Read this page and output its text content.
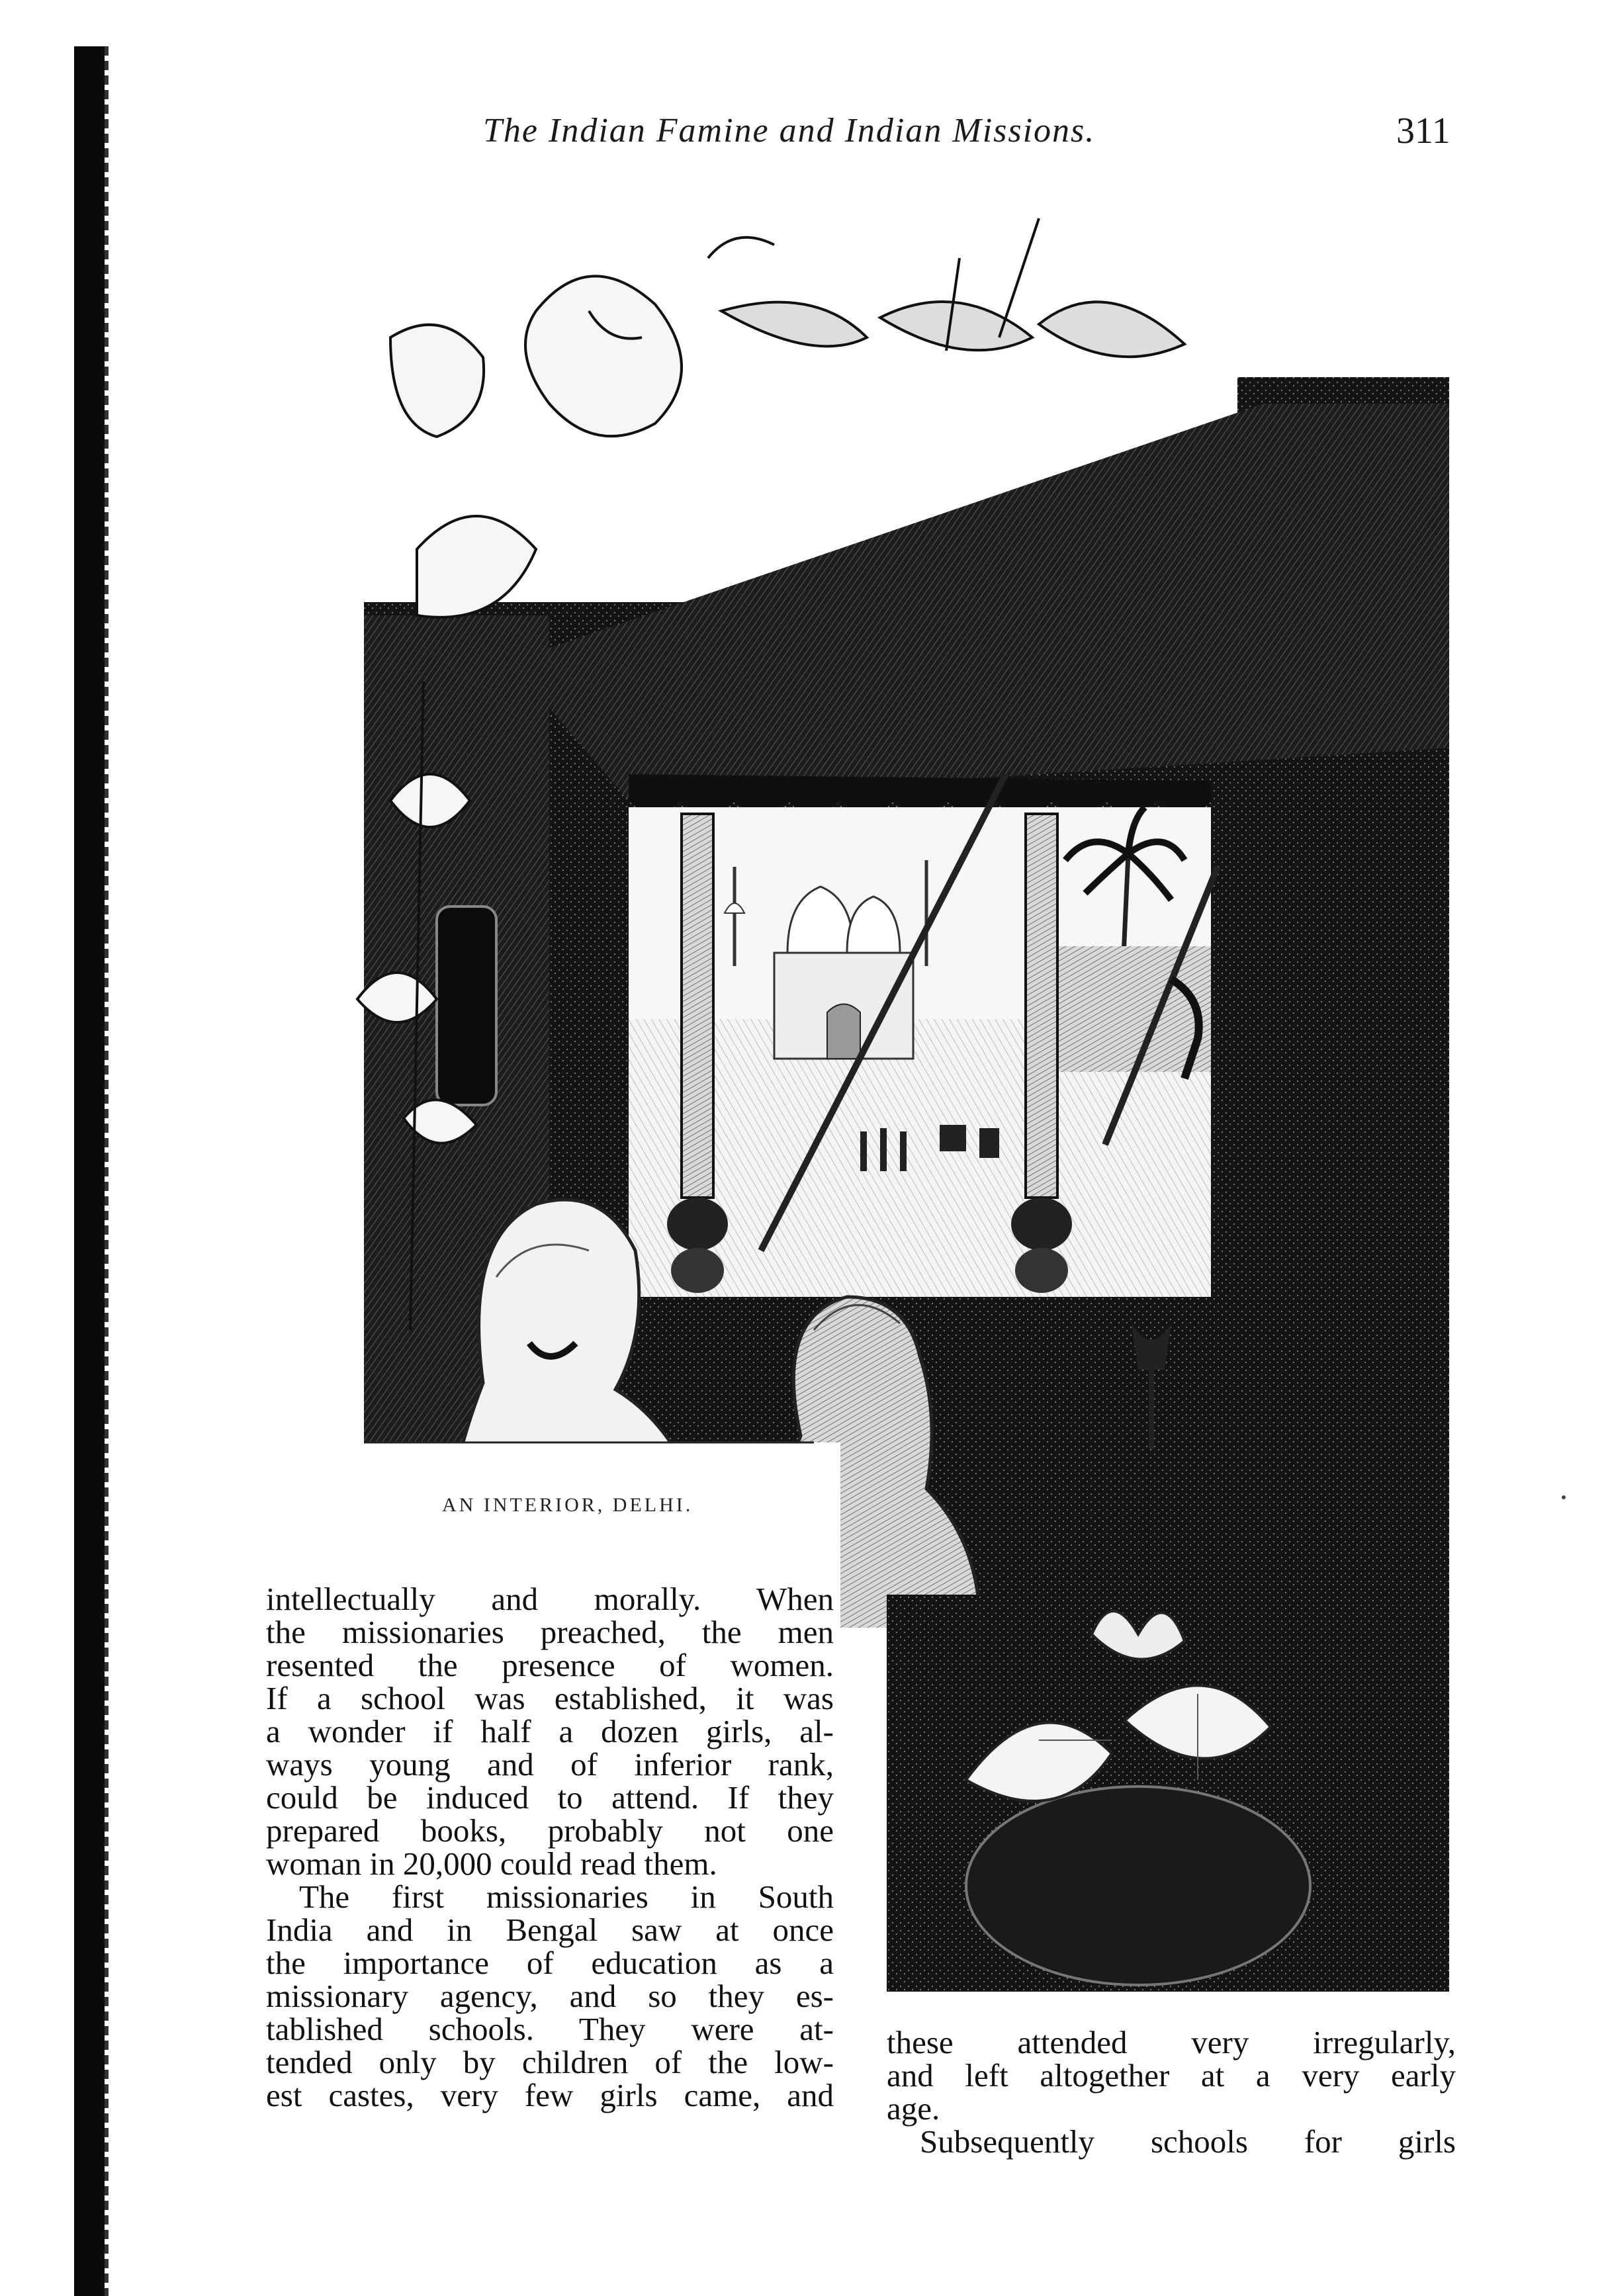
The Indian Famine and Indian Missions.	311
AN INTERIOR, DELHI.
intellectually and morally. When
the missionaries preached, the men
resented the presence of women.
If a school was established, it was
a wonder if half a dozen girls, al-
ways young and of inferior rank,
could be induced to attend. If they
prepared books, probably not one
woman in 20,000 could read them.
The first missionaries in South
India and in Bengal saw at once
the importance of education as a
missionary agency, and so they es-
tablished schools. They were at-
tended only by children of the low-
est castes, very few girls came, and
these attended very irregularly,
and left altogether at a very early
age.
Subsequently schools for girls
